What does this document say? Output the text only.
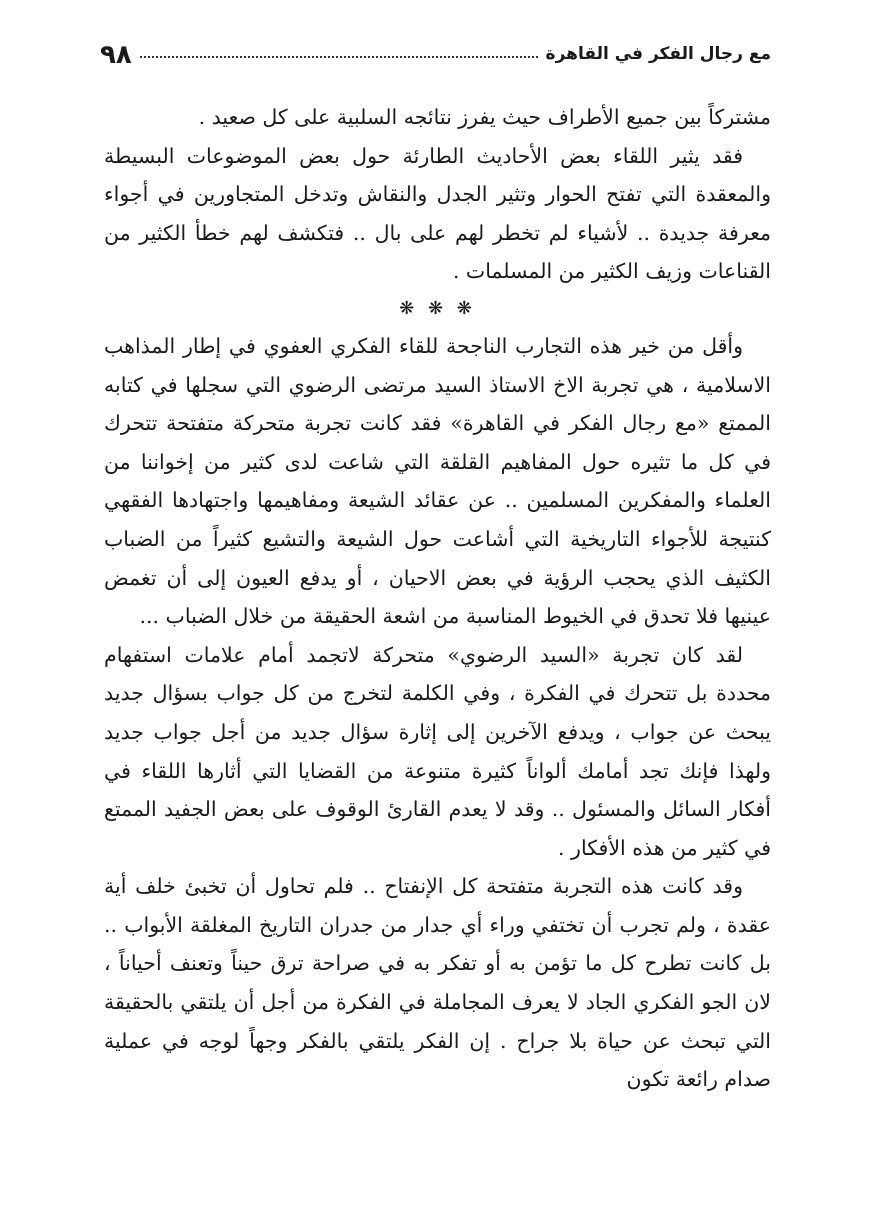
مع رجال الفكر في القاهرة
٩٨

مشتركاً بين جميع الأطراف حيث يفرز نتائجه السلبية على كل صعيد .

فقد يثير اللقاء بعض الأحاديث الطارئة حول بعض الموضوعات البسيطة والمعقدة التي تفتح الحوار وتثير الجدل والنقاش وتدخل المتجاورين في أجواء معرفة جديدة .. لأشياء لم تخطر لهم على بال .. فتكشف لهم خطأ الكثير من القناعات وزيف الكثير من المسلمات .

❋ ❋ ❋

وأقل من خير هذه التجارب الناجحة للقاء الفكري العفوي في إطار المذاهب الاسلامية ، هي تجربة الاخ الاستاذ السيد مرتضى الرضوي التي سجلها في كتابه الممتع «مع رجال الفكر في القاهرة» فقد كانت تجربة متحركة متفتحة تتحرك في كل ما تثيره حول المفاهيم القلقة التي شاعت لدى كثير من إخواننا من العلماء والمفكرين المسلمين .. عن عقائد الشيعة ومفاهيمها واجتهادها الفقهي كنتيجة للأجواء التاريخية التي أشاعت حول الشيعة والتشيع كثيراً من الضباب الكثيف الذي يحجب الرؤية في بعض الاحيان ، أو يدفع العيون إلى أن تغمض عينيها فلا تحدق في الخيوط المناسبة من اشعة الحقيقة من خلال الضباب ...

لقد كان تجربة «السيد الرضوي» متحركة لاتجمد أمام علامات استفهام محددة بل تتحرك في الفكرة ، وفي الكلمة لتخرج من كل جواب بسؤال جديد يبحث عن جواب ، ويدفع الآخرين إلى إثارة سؤال جديد من أجل جواب جديد ولهذا فإنك تجد أمامك ألواناً كثيرة متنوعة من القضايا التي أثارها اللقاء في أفكار السائل والمسئول .. وقد لا يعدم القارئ الوقوف على بعض الجفيد الممتع في كثير من هذه الأفكار .

وقد كانت هذه التجربة متفتحة كل الإنفتاح .. فلم تحاول أن تخبئ خلف أية عقدة ، ولم تجرب أن تختفي وراء أي جدار من جدران التاريخ المغلقة الأبواب .. بل كانت تطرح كل ما تؤمن به أو تفكر به في صراحة ترق حيناً وتعنف أحياناً ، لان الجو الفكري الجاد لا يعرف المجاملة في الفكرة من أجل أن يلتقي بالحقيقة التي تبحث عن حياة بلا جراح . إن الفكر يلتقي بالفكر وجهاً لوجه في عملية صدام رائعة تكون
